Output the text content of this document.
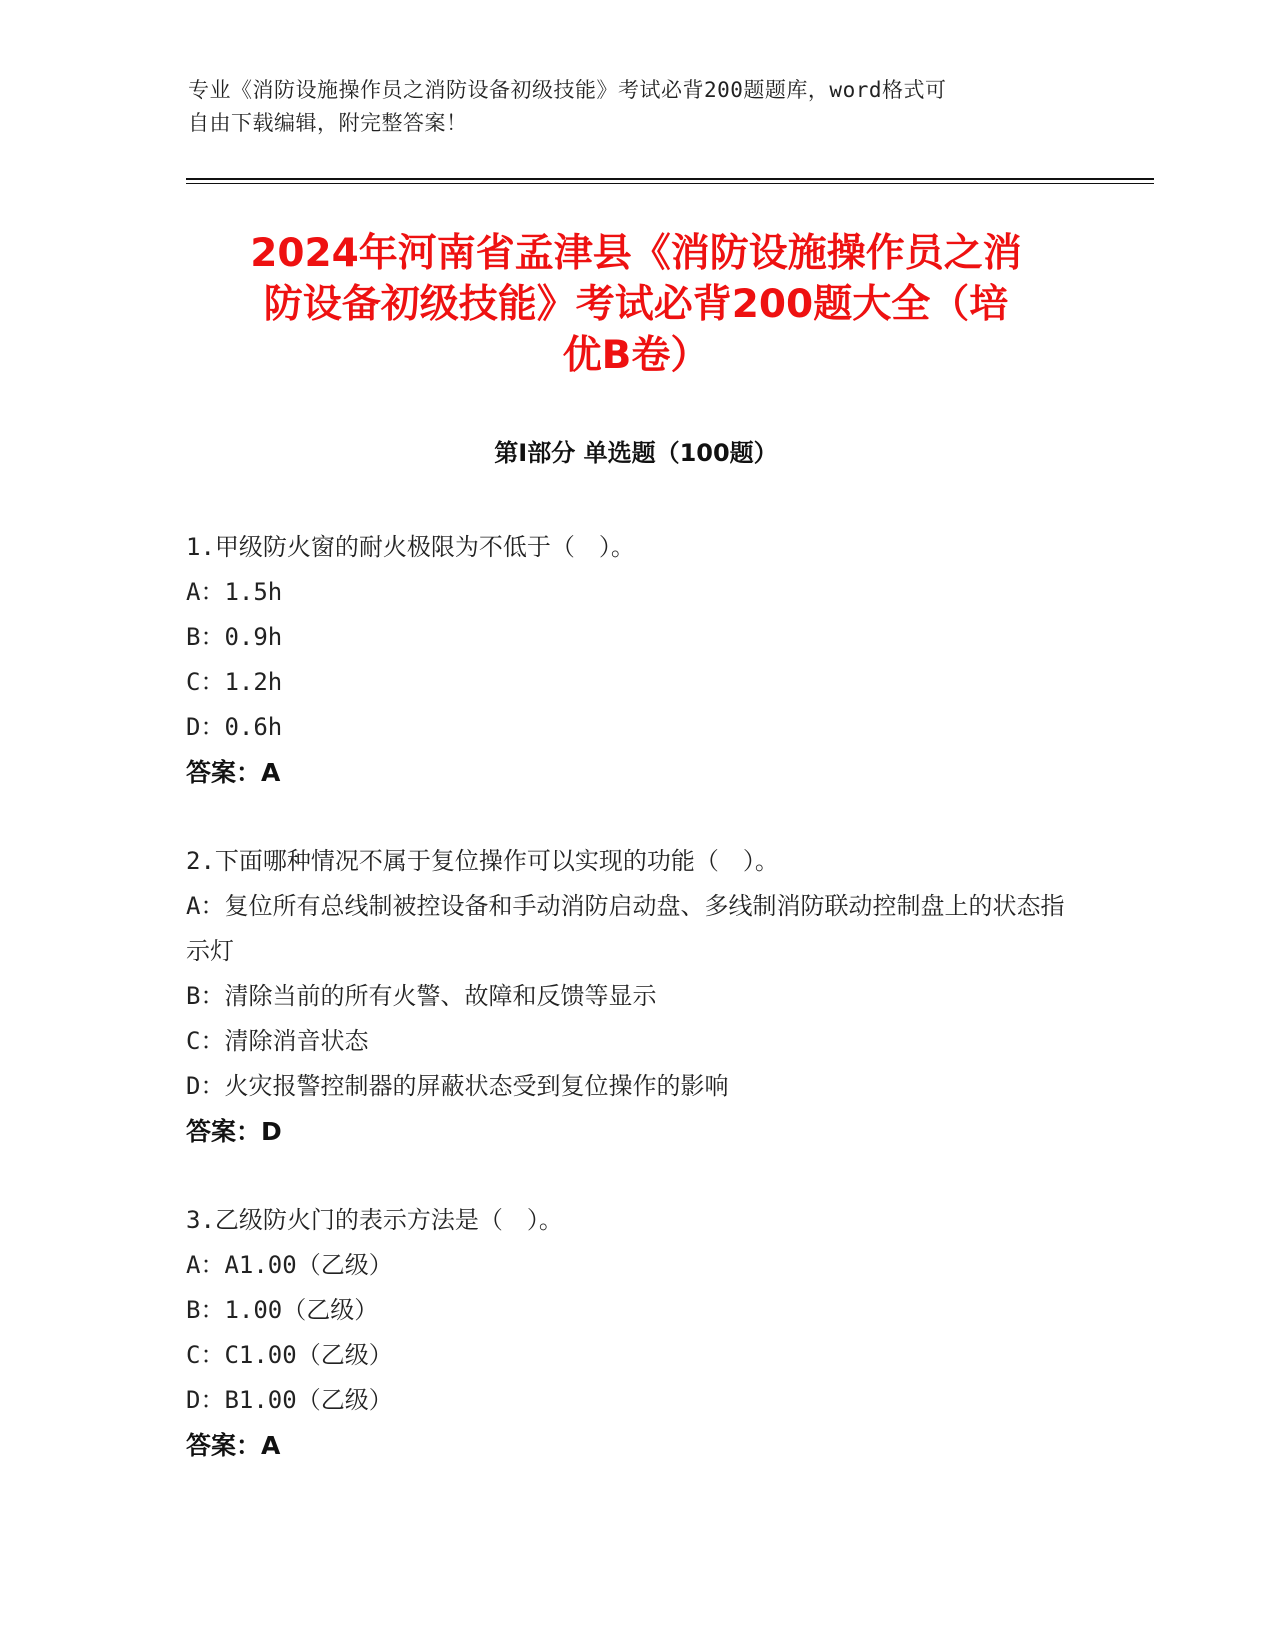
专业《消防设施操作员之消防设备初级技能》考试必背200题题库，word格式可
自由下载编辑，附完整答案！
2024年河南省孟津县《消防设施操作员之消
防设备初级技能》考试必背200题大全（培
优B卷）
第I部分 单选题（100题）
1.甲级防火窗的耐火极限为不低于（　）。
A：1.5h
B：0.9h
C：1.2h
D：0.6h
答案：A
2.下面哪种情况不属于复位操作可以实现的功能（　）。
A：复位所有总线制被控设备和手动消防启动盘、多线制消防联动控制盘上的状态指示灯
B：清除当前的所有火警、故障和反馈等显示
C：清除消音状态
D：火灾报警控制器的屏蔽状态受到复位操作的影响
答案：D
3.乙级防火门的表示方法是（　）。
A：A1.00（乙级）
B：1.00（乙级）
C：C1.00（乙级）
D：B1.00（乙级）
答案：A
